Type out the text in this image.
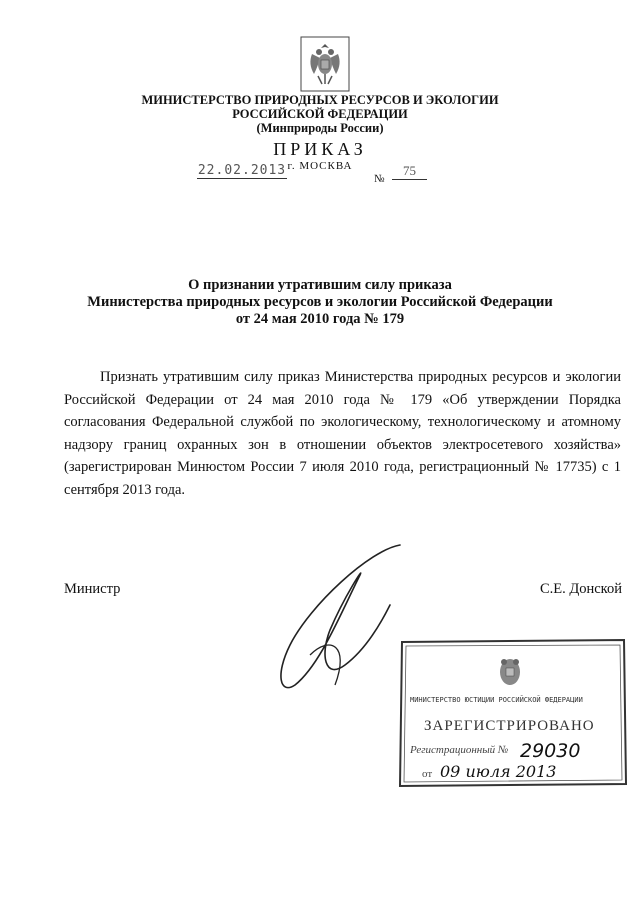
МИНИСТЕРСТВО ПРИРОДНЫХ РЕСУРСОВ И ЭКОЛОГИИ
РОССИЙСКОЙ ФЕДЕРАЦИИ
(Минприроды России)
ПРИКАЗ
г. МОСКВА
22.02.2013
№
75
О признании утратившим силу приказа
Министерства природных ресурсов и экологии Российской Федерации
от 24 мая 2010 года № 179
Признать утратившим силу приказ Министерства природных ресурсов и экологии Российской Федерации от 24 мая 2010 года № 179 «Об утверждении Порядка согласования Федеральной службой по экологическому, технологическому и атомному надзору границ охранных зон в отношении объектов электросетевого хозяйства» (зарегистрирован Минюстом России 7 июля 2010 года, регистрационный № 17735) с 1 сентября 2013 года.
Министр	С.Е. Донской
МИНИСТЕРСТВО ЮСТИЦИИ РОССИЙСКОЙ ФЕДЕРАЦИИ
ЗАРЕГИСТРИРОВАНО
Регистрационный № 29030
от 09 июля 2013
